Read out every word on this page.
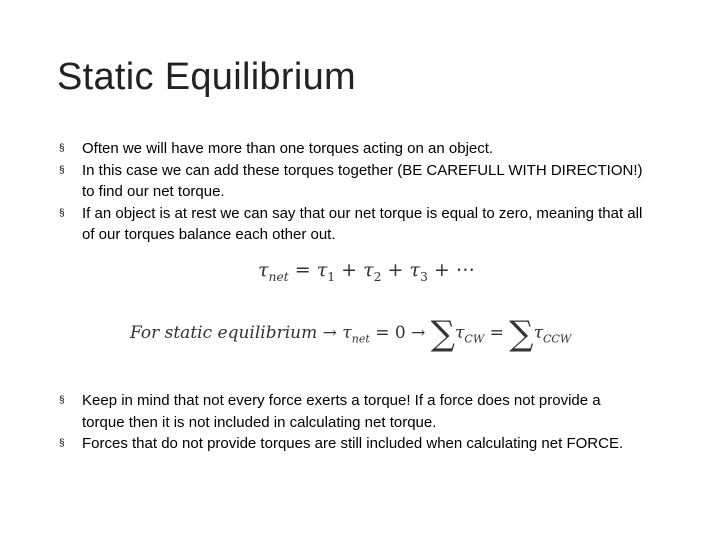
Static Equilibrium
§ Often we will have more than one torques acting on an object.
§ In this case we can add these torques together (BE CAREFULL WITH DIRECTION!) to find our net torque.
§ If an object is at rest we can say that our net torque is equal to zero, meaning that all of our torques balance each other out.
$\tau_{net} = \tau_1 + \tau_2 + \tau_3$ + ⋯
For static equilibrium → $\tau_{net} = 0 \to \sum\tau_{CW} = \sum\tau_{CCW}$
§ Keep in mind that not every force exerts a torque! If a force does not provide a torque then it is not included in calculating net torque.
§ Forces that do not provide torques are still included when calculating net FORCE.
